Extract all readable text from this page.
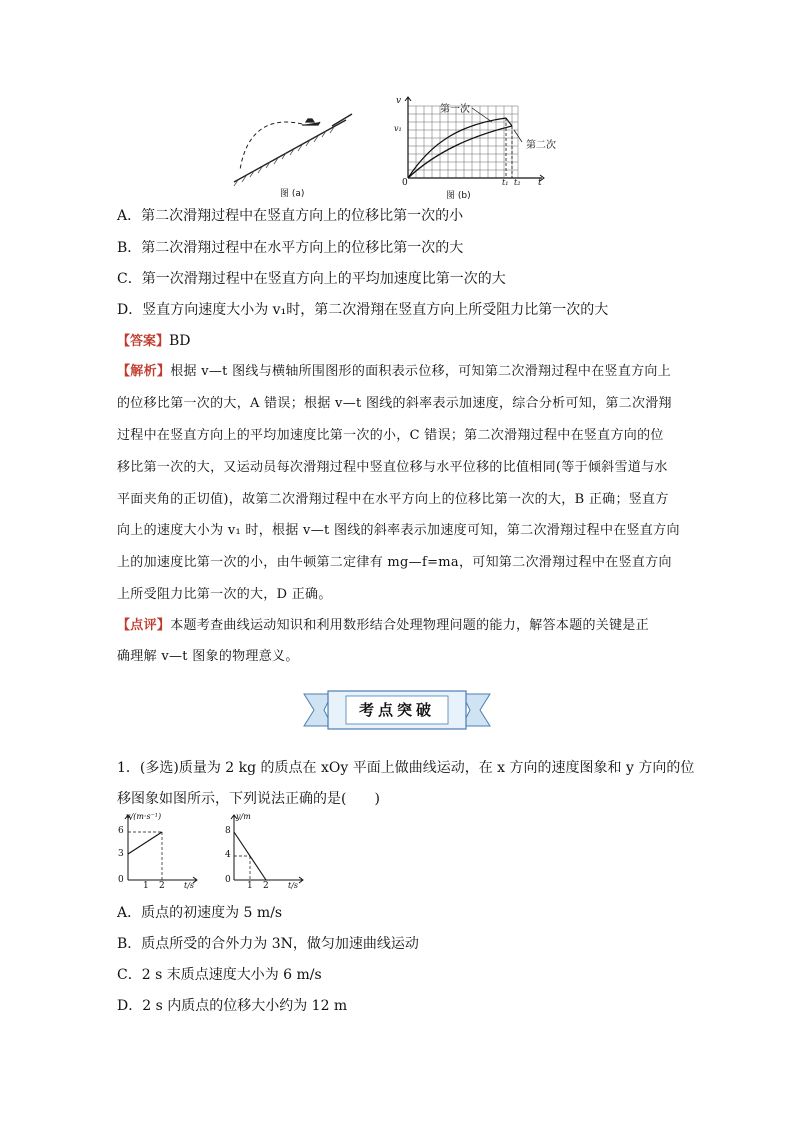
图 (a)
v
v₁
0	t₁ t₂ t
第一次
第二次
图 (b)
A．第二次滑翔过程中在竖直方向上的位移比第一次的小
B．第二次滑翔过程中在水平方向上的位移比第一次的大
C．第一次滑翔过程中在竖直方向上的平均加速度比第一次的大
D．竖直方向速度大小为 v₁时，第二次滑翔在竖直方向上所受阻力比第一次的大
【答案】BD
【解析】根据 v—t 图线与横轴所围图形的面积表示位移，可知第二次滑翔过程中在竖直方向上
的位移比第一次的大，A 错误；根据 v—t 图线的斜率表示加速度，综合分析可知，第二次滑翔
过程中在竖直方向上的平均加速度比第一次的小，C 错误；第二次滑翔过程中在竖直方向的位
移比第一次的大，又运动员每次滑翔过程中竖直位移与水平位移的比值相同(等于倾斜雪道与水
平面夹角的正切值)，故第二次滑翔过程中在水平方向上的位移比第一次的大，B 正确；竖直方
向上的速度大小为 v₁ 时，根据 v—t 图线的斜率表示加速度可知，第二次滑翔过程中在竖直方向
上的加速度比第一次的小，由牛顿第二定律有 mg—f=ma，可知第二次滑翔过程中在竖直方向
上所受阻力比第一次的大，D 正确。
【点评】本题考查曲线运动知识和利用数形结合处理物理问题的能力，解答本题的关键是正
确理解 v—t 图象的物理意义。
考点突破
1．(多选)质量为 2 kg 的质点在 xOy 平面上做曲线运动，在 x 方向的速度图象和 y 方向的位
移图象如图所示，下列说法正确的是(　　)
v/(m·s⁻¹)
6
3
0
1 2 t/s
y/m
8
4
0
1 2 t/s
A．质点的初速度为 5 m/s
B．质点所受的合外力为 3N，做匀加速曲线运动
C．2 s 末质点速度大小为 6 m/s
D．2 s 内质点的位移大小约为 12 m
